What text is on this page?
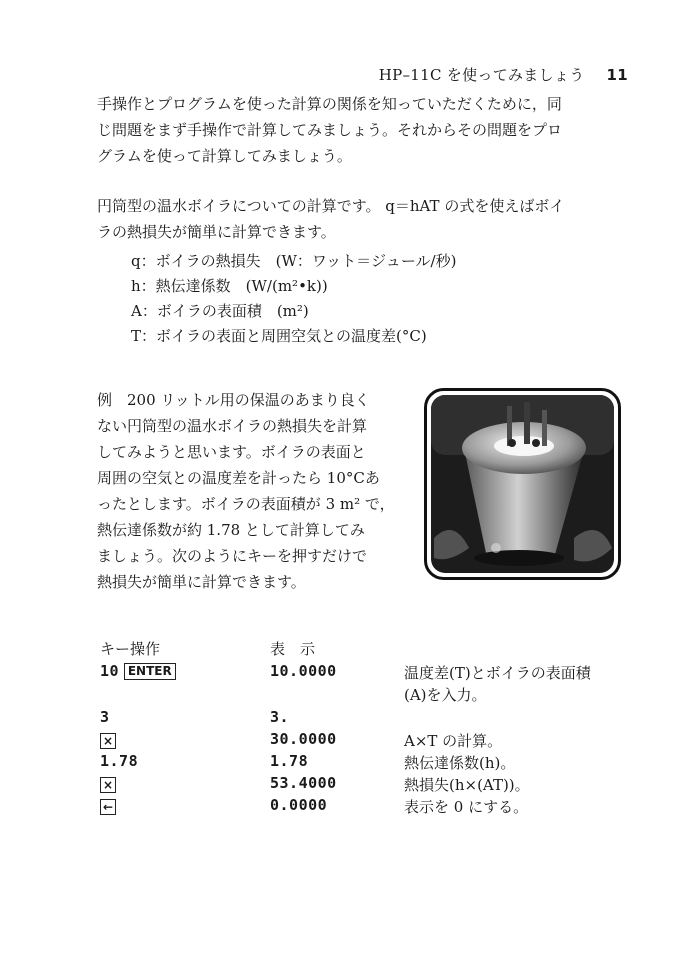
HP–11C を使ってみましょう 11
手操作とプログラムを使った計算の関係を知っていただくために，同
じ問題をまず手操作で計算してみましょう。それからその問題をプロ
グラムを使って計算してみましょう。
円筒型の温水ボイラについての計算です。 q＝hAT の式を使えばボイ
ラの熱損失が簡単に計算できます。
q：ボイラの熱損失　(W：ワット＝ジュール/秒)
h：熱伝達係数　(W/(m²•k))
A：ボイラの表面積　(m²)
T：ボイラの表面と周囲空気との温度差(°C)
例　200 リットル用の保温のあまり良く
ない円筒型の温水ボイラの熱損失を計算
してみようと思います。ボイラの表面と
周囲の空気との温度差を計ったら 10°Cあ
ったとします。ボイラの表面積が 3 m² で，
熱伝達係数が約 1.78 として計算してみ
ましょう。次のようにキーを押すだけで
熱損失が簡単に計算できます。
キー操作	表　示
10 ENTER	10.0000	温度差(T)とボイラの表面積
(A)を入力。
3	3.
×	30.0000	A×T の計算。
1.78	1.78	熱伝達係数(h)。
×	53.4000	熱損失(h×(AT))。
←	0.0000	表示を 0 にする。
